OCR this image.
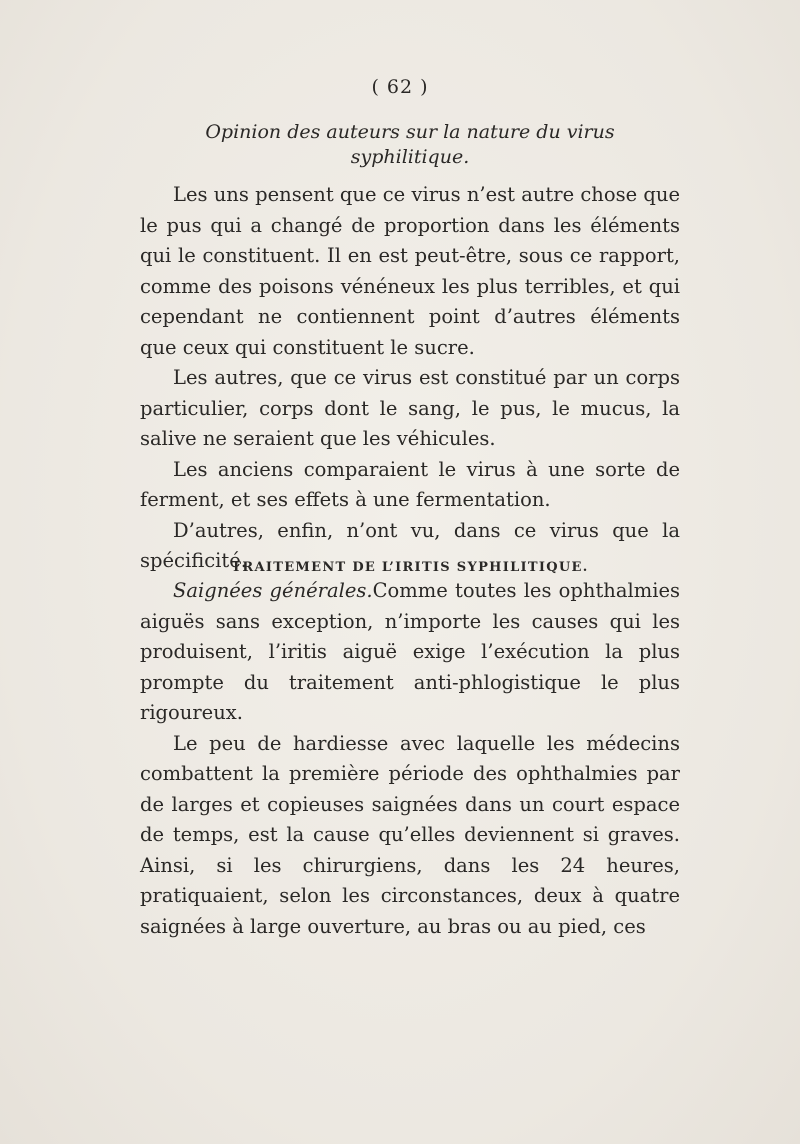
( 62 )
Opinion des auteurs sur la nature du virus
syphilitique.

Les uns pensent que ce virus n’est autre chose que le pus qui a changé de proportion dans les éléments qui le constituent. Il en est peut-être, sous ce rapport, comme des poisons vénéneux les plus terribles, et qui cependant ne contiennent point d’autres éléments que ceux qui constituent le sucre.

Les autres, que ce virus est constitué par un corps particulier, corps dont le sang, le pus, le mucus, la salive ne seraient que les véhicules.

Les anciens comparaient le virus à une sorte de ferment, et ses effets à une fermentation.

D’autres, enfin, n’ont vu, dans ce virus que la spécificité.

TRAITEMENT DE L’IRITIS SYPHILITIQUE.

Saignées générales.Comme toutes les ophthalmies aiguës sans exception, n’importe les causes qui les produisent, l’iritis aiguë exige l’exécution la plus prompte du traitement anti-phlogistique le plus rigoureux.

Le peu de hardiesse avec laquelle les médecins combattent la première période des ophthalmies par de larges et copieuses saignées dans un court espace de temps, est la cause qu’elles deviennent si graves. Ainsi, si les chirurgiens, dans les 24 heures, pratiquaient, selon les circonstances, deux à quatre saignées à large ouverture, au bras ou au pied, ces
